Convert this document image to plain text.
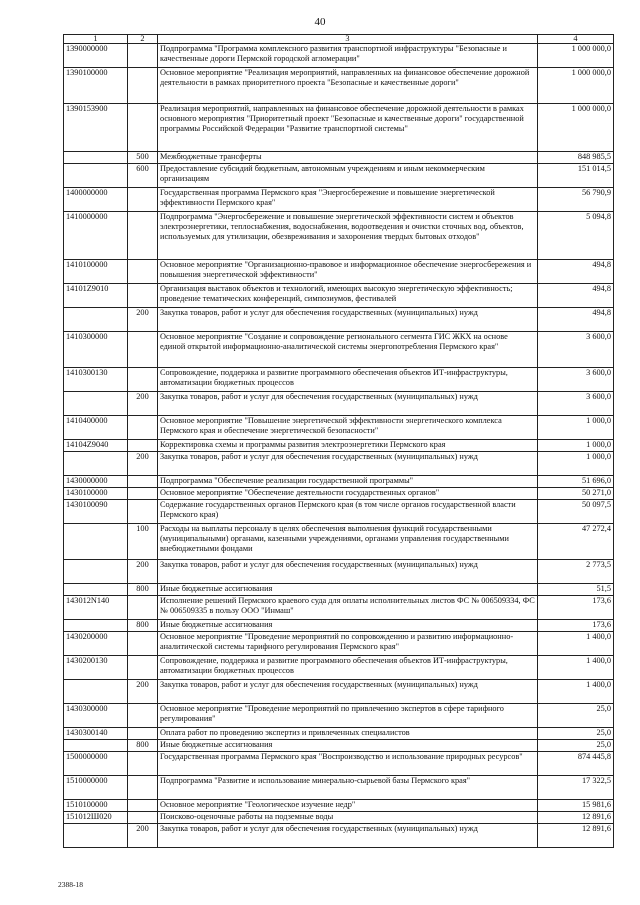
40
1	2	3	4
1390000000		Подпрограмма "Программа комплексного развития транспортной инфраструктуры "Безопасные и качественные дороги Пермской городской агломерации"	1 000 000,0
1390100000		Основное мероприятие "Реализация мероприятий, направленных на финансовое обеспечение дорожной деятельности в рамках приоритетного проекта "Безопасные и качественные дороги"	1 000 000,0
1390153900		Реализация мероприятий, направленных на финансовое обеспечение дорожной деятельности в рамках основного мероприятия "Приоритетный проект "Безопасные и качественные дороги" государственной программы Российской Федерации "Развитие транспортной системы"	1 000 000,0
	500	Межбюджетные трансферты	848 985,5
	600	Предоставление субсидий бюджетным, автономным учреждениям и иным некоммерческим организациям	151 014,5
1400000000		Государственная программа Пермского края "Энергосбережение и повышение энергетической эффективности Пермского края"	56 790,9
1410000000		Подпрограмма "Энергосбережение и повышение энергетической эффективности систем и объектов электроэнергетики, теплоснабжения, водоснабжения, водоотведения и очистки сточных вод, объектов, используемых для утилизации, обезвреживания и захоронения твердых бытовых отходов"	5 094,8
1410100000		Основное мероприятие "Организационно-правовое и информационное обеспечение энергосбережения и повышения энергетической эффективности"	494,8
14101Z9010		Организация выставок объектов и технологий, имеющих высокую энергетическую эффективность; проведение тематических конференций, симпозиумов, фестивалей	494,8
	200	Закупка товаров, работ и услуг для обеспечения государственных (муниципальных) нужд	494,8
1410300000		Основное мероприятие "Создание и сопровождение регионального сегмента ГИС ЖКХ на основе единой открытой информационно-аналитической системы энергопотребления Пермского края"	3 600,0
1410300130		Сопровождение, поддержка и развитие программного обеспечения объектов ИТ-инфраструктуры, автоматизации бюджетных процессов	3 600,0
	200	Закупка товаров, работ и услуг для обеспечения государственных (муниципальных) нужд	3 600,0
1410400000		Основное мероприятие "Повышение энергетической эффективности энергетического комплекса Пермского края и обеспечение энергетической безопасности"	1 000,0
14104Z9040		Корректировка схемы и программы развития электроэнергетики Пермского края	1 000,0
	200	Закупка товаров, работ и услуг для обеспечения государственных (муниципальных) нужд	1 000,0
1430000000		Подпрограмма "Обеспечение реализации государственной программы"	51 696,0
1430100000		Основное мероприятие "Обеспечение деятельности государственных органов"	50 271,0
1430100090		Содержание государственных органов Пермского края (в том числе органов государственной власти Пермского края)	50 097,5
	100	Расходы на выплаты персоналу в целях обеспечения выполнения функций государственными (муниципальными) органами, казенными учреждениями, органами управления государственными внебюджетными фондами	47 272,4
	200	Закупка товаров, работ и услуг для обеспечения государственных (муниципальных) нужд	2 773,5
	800	Иные бюджетные ассигнования	51,5
143012N140		Исполнение решений Пермского краевого суда для оплаты исполнительных листов ФС № 006509334, ФС № 006509335 в пользу ООО "Инмаш"	173,6
	800	Иные бюджетные ассигнования	173,6
1430200000		Основное мероприятие "Проведение мероприятий по сопровождению и развитию информационно-аналитической системы тарифного регулирования Пермского края"	1 400,0
1430200130		Сопровождение, поддержка и развитие программного обеспечения объектов ИТ-инфраструктуры, автоматизации бюджетных процессов	1 400,0
	200	Закупка товаров, работ и услуг для обеспечения государственных (муниципальных) нужд	1 400,0
1430300000		Основное мероприятие "Проведение мероприятий по привлечению экспертов в сфере тарифного регулирования"	25,0
1430300140		Оплата работ по проведению экспертиз и привлеченных специалистов	25,0
	800	Иные бюджетные ассигнования	25,0
1500000000		Государственная программа Пермского края "Воспроизводство и использование природных ресурсов"	874 445,8
1510000000		Подпрограмма "Развитие и использование минерально-сырьевой базы Пермского края"	17 322,5
1510100000		Основное мероприятие "Геологическое изучение недр"	15 981,6
151012Ш020		Поисково-оценочные работы на подземные воды	12 891,6
	200	Закупка товаров, работ и услуг для обеспечения государственных (муниципальных) нужд	12 891,6
2388-18
